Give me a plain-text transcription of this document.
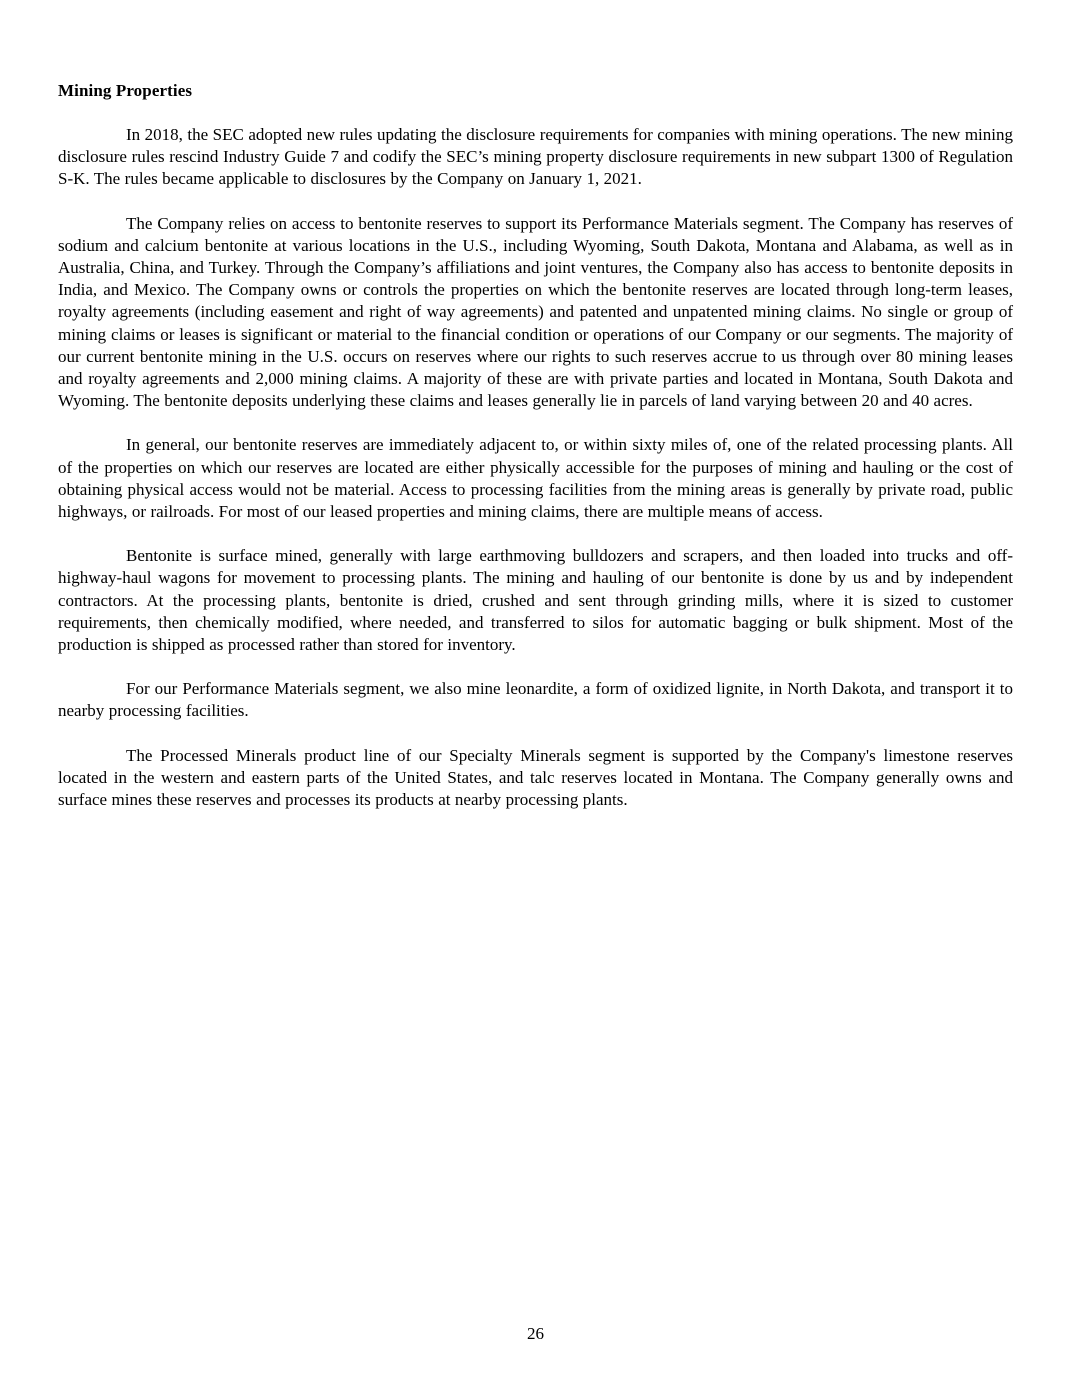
Mining Properties

In 2018, the SEC adopted new rules updating the disclosure requirements for companies with mining operations. The new mining disclosure rules rescind Industry Guide 7 and codify the SEC’s mining property disclosure requirements in new subpart 1300 of Regulation S-K. The rules became applicable to disclosures by the Company on January 1, 2021.

The Company relies on access to bentonite reserves to support its Performance Materials segment. The Company has reserves of sodium and calcium bentonite at various locations in the U.S., including Wyoming, South Dakota, Montana and Alabama, as well as in Australia, China, and Turkey. Through the Company’s affiliations and joint ventures, the Company also has access to bentonite deposits in India, and Mexico. The Company owns or controls the properties on which the bentonite reserves are located through long-term leases, royalty agreements (including easement and right of way agreements) and patented and unpatented mining claims. No single or group of mining claims or leases is significant or material to the financial condition or operations of our Company or our segments. The majority of our current bentonite mining in the U.S. occurs on reserves where our rights to such reserves accrue to us through over 80 mining leases and royalty agreements and 2,000 mining claims. A majority of these are with private parties and located in Montana, South Dakota and Wyoming. The bentonite deposits underlying these claims and leases generally lie in parcels of land varying between 20 and 40 acres.

In general, our bentonite reserves are immediately adjacent to, or within sixty miles of, one of the related processing plants. All of the properties on which our reserves are located are either physically accessible for the purposes of mining and hauling or the cost of obtaining physical access would not be material. Access to processing facilities from the mining areas is generally by private road, public highways, or railroads. For most of our leased properties and mining claims, there are multiple means of access.

Bentonite is surface mined, generally with large earthmoving bulldozers and scrapers, and then loaded into trucks and off-highway-haul wagons for movement to processing plants. The mining and hauling of our bentonite is done by us and by independent contractors. At the processing plants, bentonite is dried, crushed and sent through grinding mills, where it is sized to customer requirements, then chemically modified, where needed, and transferred to silos for automatic bagging or bulk shipment. Most of the production is shipped as processed rather than stored for inventory.

For our Performance Materials segment, we also mine leonardite, a form of oxidized lignite, in North Dakota, and transport it to nearby processing facilities.

The Processed Minerals product line of our Specialty Minerals segment is supported by the Company's limestone reserves located in the western and eastern parts of the United States, and talc reserves located in Montana. The Company generally owns and surface mines these reserves and processes its products at nearby processing plants.

26
